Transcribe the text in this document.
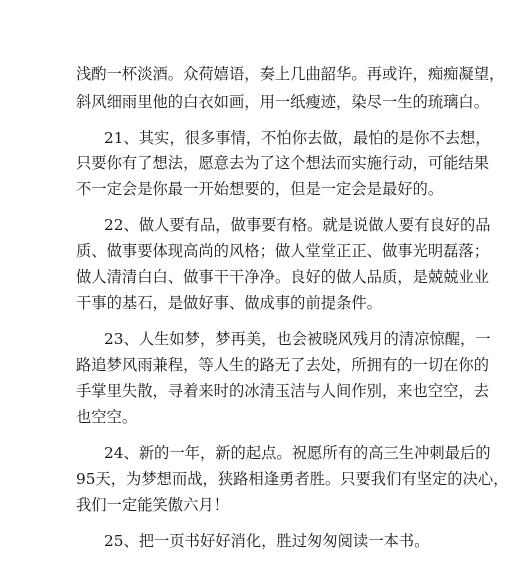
浅酌一杯淡酒。众荷嬉语，奏上几曲韶华。再或许，痴痴凝望，
斜风细雨里他的白衣如画，用一纸瘦迹，染尽一生的琉璃白。
21、其实，很多事情，不怕你去做，最怕的是你不去想，
只要你有了想法，愿意去为了这个想法而实施行动，可能结果
不一定会是你最一开始想要的，但是一定会是最好的。
22、做人要有品，做事要有格。就是说做人要有良好的品
质、做事要体现高尚的风格；做人堂堂正正、做事光明磊落；
做人清清白白、做事干干净净。良好的做人品质，是兢兢业业
干事的基石，是做好事、做成事的前提条件。
23、人生如梦，梦再美，也会被晓风残月的清凉惊醒，一
路追梦风雨兼程，等人生的路无了去处，所拥有的一切在你的
手掌里失散，寻着来时的冰清玉洁与人间作别，来也空空，去
也空空。
24、新的一年，新的起点。祝愿所有的高三生冲刺最后的
95天，为梦想而战，狭路相逢勇者胜。只要我们有坚定的决心，
我们一定能笑傲六月！
25、把一页书好好消化，胜过匆匆阅读一本书。
